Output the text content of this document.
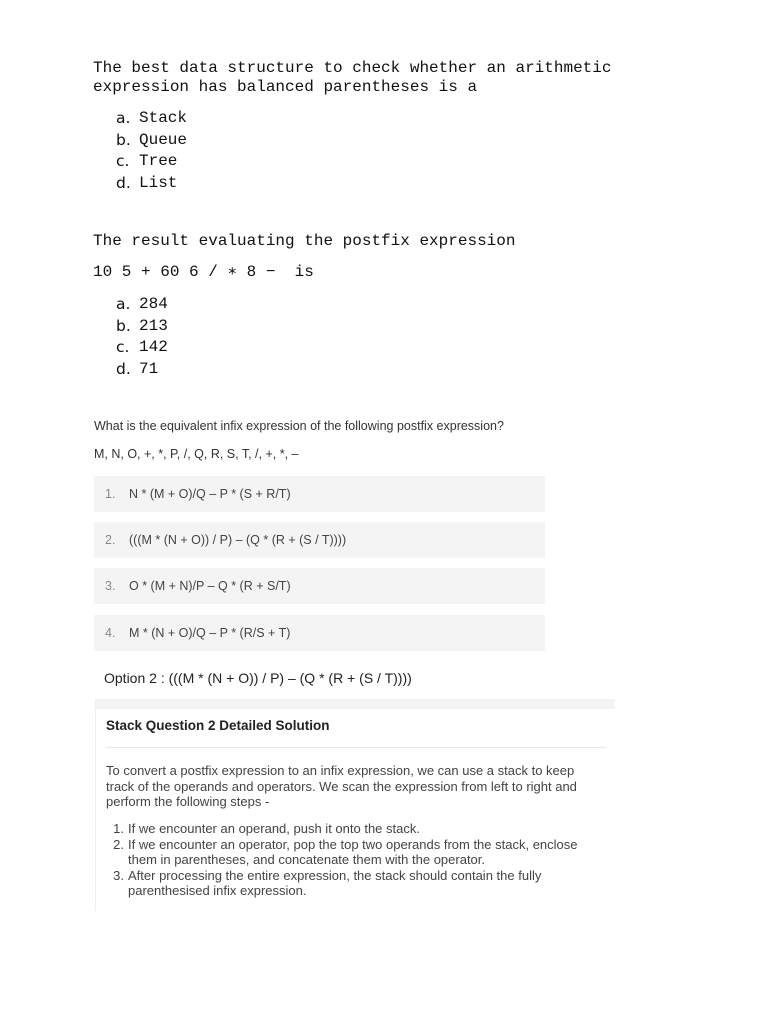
The best data structure to check whether an arithmetic expression has balanced parentheses is a

a. Stack
b. Queue
c. Tree
d. List

The result evaluating the postfix expression

10 5 + 60 6 / ∗ 8 −  is

a. 284
b. 213
c. 142
d. 71

What is the equivalent infix expression of the following postfix expression?

M, N, O, +, *, P, /, Q, R, S, T, /, +, *, –

1.	N * (M + O)/Q – P * (S + R/T)
2.	(((M * (N + O)) / P) – (Q * (R + (S / T))))
3.	O * (M + N)/P – Q * (R + S/T)
4.	M * (N + O)/Q – P * (R/S + T)
Option 2 : (((M * (N + O)) / P) – (Q * (R + (S / T))))

Stack Question 2 Detailed Solution

To convert a postfix expression to an infix expression, we can use a stack to keep track of the operands and operators. We scan the expression from left to right and perform the following steps -

1. If we encounter an operand, push it onto the stack.
2. If we encounter an operator, pop the top two operands from the stack, enclose them in parentheses, and concatenate them with the operator.
3. After processing the entire expression, the stack should contain the fully parenthesised infix expression.
